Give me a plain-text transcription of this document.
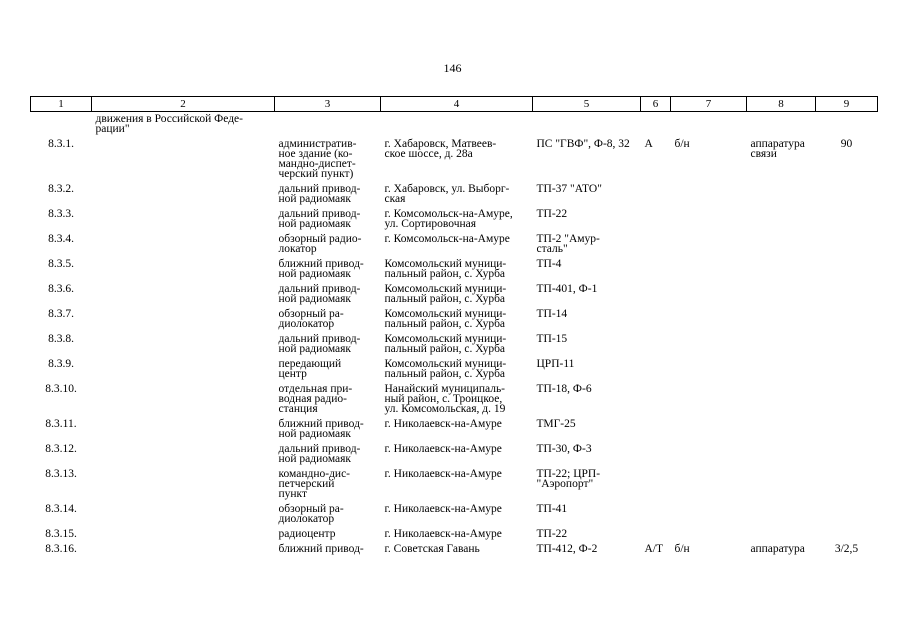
146
1	2	3	4	5	6	7	8	9
	движения в Российской Феде-
рации"							
8.3.1.		административ-
ное здание (ко-
мандно-диспет-
черский пункт)	г. Хабаровск, Матвеев-
ское шоссе, д. 28а	ПС "ГВФ", Ф-8, 32	А	б/н	аппаратура
связи	90
8.3.2.		дальний привод-
ной радиомаяк	г. Хабаровск, ул. Выборг-
ская	ТП-37 "АТО"				
8.3.3.		дальний привод-
ной радиомаяк	г. Комсомольск-на-Амуре,
ул. Сортировочная	ТП-22				
8.3.4.		обзорный радио-
локатор	г. Комсомольск-на-Амуре	ТП-2 "Амур-
сталь"				
8.3.5.		ближний привод-
ной радиомаяк	Комсомольский муници-
пальный район, с. Хурба	ТП-4				
8.3.6.		дальний привод-
ной радиомаяк	Комсомольский муници-
пальный район, с. Хурба	ТП-401, Ф-1				
8.3.7.		обзорный ра-
диолокатор	Комсомольский муници-
пальный район, с. Хурба	ТП-14				
8.3.8.		дальний привод-
ной радиомаяк	Комсомольский муници-
пальный район, с. Хурба	ТП-15				
8.3.9.		передающий
центр	Комсомольский муници-
пальный район, с. Хурба	ЦРП-11				
8.3.10.		отдельная при-
водная радио-
станция	Нанайский муниципаль-
ный район, с. Троицкое,
ул. Комсомольская, д. 19	ТП-18, Ф-6				
8.3.11.		ближний привод-
ной радиомаяк	г. Николаевск-на-Амуре	ТМГ-25				
8.3.12.		дальний привод-
ной радиомаяк	г. Николаевск-на-Амуре	ТП-30, Ф-3				
8.3.13.		командно-дис-
петчерский
пункт	г. Николаевск-на-Амуре	ТП-22; ЦРП-
"Аэропорт"				
8.3.14.		обзорный ра-
диолокатор	г. Николаевск-на-Амуре	ТП-41				
8.3.15.		радиоцентр	г. Николаевск-на-Амуре	ТП-22				
8.3.16.		ближний привод-	г. Советская Гавань	ТП-412, Ф-2	А/Т	б/н	аппаратура	3/2,5
